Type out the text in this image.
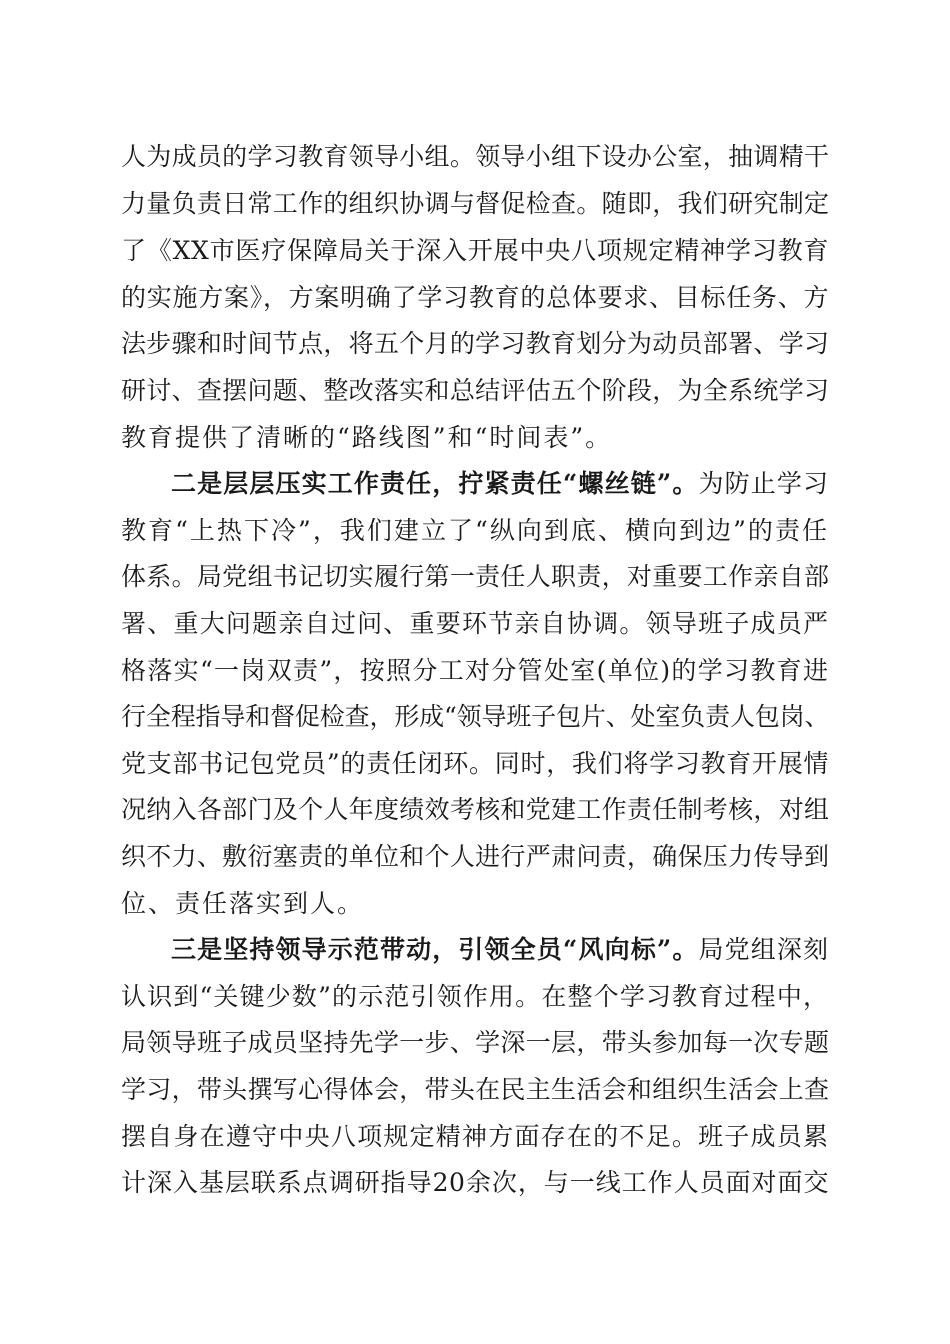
人为成员的学习教育领导小组。领导小组下设办公室，抽调精干
力量负责日常工作的组织协调与督促检查。随即，我们研究制定
了《XX市医疗保障局关于深入开展中央八项规定精神学习教育
的实施方案》，方案明确了学习教育的总体要求、目标任务、方
法步骤和时间节点，将五个月的学习教育划分为动员部署、学习
研讨、查摆问题、整改落实和总结评估五个阶段，为全系统学习
教育提供了清晰的“路线图”和“时间表”。
二是层层压实工作责任，拧紧责任“螺丝链”。为防止学习
教育“上热下冷”，我们建立了“纵向到底、横向到边”的责任
体系。局党组书记切实履行第一责任人职责，对重要工作亲自部
署、重大问题亲自过问、重要环节亲自协调。领导班子成员严
格落实“一岗双责”，按照分工对分管处室(单位)的学习教育进
行全程指导和督促检查，形成“领导班子包片、处室负责人包岗、
党支部书记包党员”的责任闭环。同时，我们将学习教育开展情
况纳入各部门及个人年度绩效考核和党建工作责任制考核，对组
织不力、敷衍塞责的单位和个人进行严肃问责，确保压力传导到
位、责任落实到人。
三是坚持领导示范带动，引领全员“风向标”。局党组深刻
认识到“关键少数”的示范引领作用。在整个学习教育过程中，
局领导班子成员坚持先学一步、学深一层，带头参加每一次专题
学习，带头撰写心得体会，带头在民主生活会和组织生活会上查
摆自身在遵守中央八项规定精神方面存在的不足。班子成员累
计深入基层联系点调研指导20余次，与一线工作人员面对面交
